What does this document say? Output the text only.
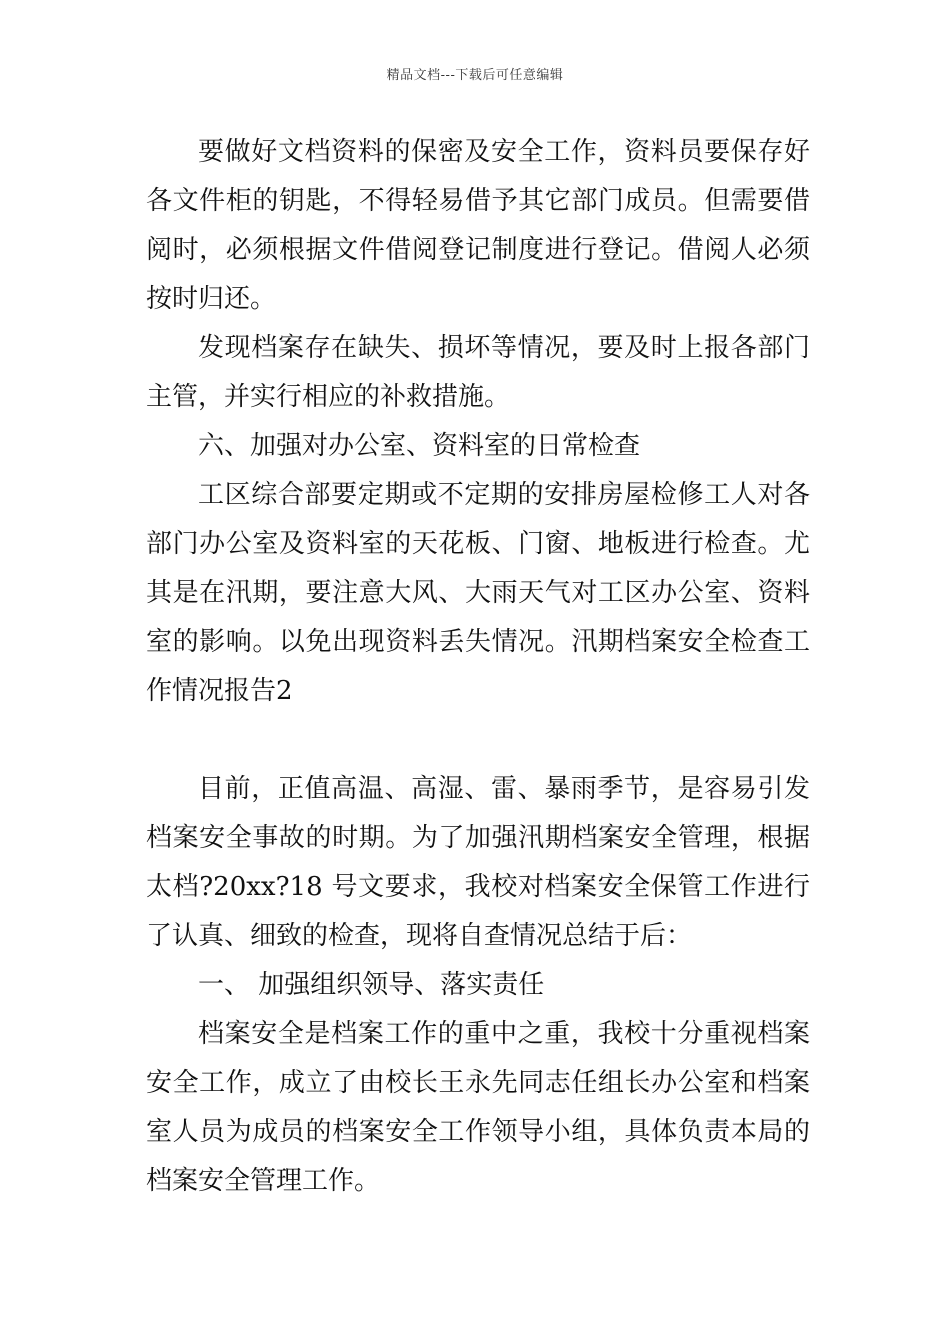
精品文档---下载后可任意编辑

要做好文档资料的保密及安全工作，资料员要保存好各文件柜的钥匙，不得轻易借予其它部门成员。但需要借阅时，必须根据文件借阅登记制度进行登记。借阅人必须按时归还。

发现档案存在缺失、损坏等情况，要及时上报各部门主管，并实行相应的补救措施。

六、加强对办公室、资料室的日常检查

工区综合部要定期或不定期的安排房屋检修工人对各部门办公室及资料室的天花板、门窗、地板进行检查。尤其是在汛期，要注意大风、大雨天气对工区办公室、资料室的影响。以免出现资料丢失情况。汛期档案安全检查工作情况报告2

目前，正值高温、高湿、雷、暴雨季节，是容易引发档案安全事故的时期。为了加强汛期档案安全管理，根据太档?20xx?18 号文要求，我校对档案安全保管工作进行了认真、细致的检查，现将自查情况总结于后：

一、 加强组织领导、落实责任

档案安全是档案工作的重中之重，我校十分重视档案安全工作，成立了由校长王永先同志任组长办公室和档案室人员为成员的档案安全工作领导小组，具体负责本局的档案安全管理工作。
